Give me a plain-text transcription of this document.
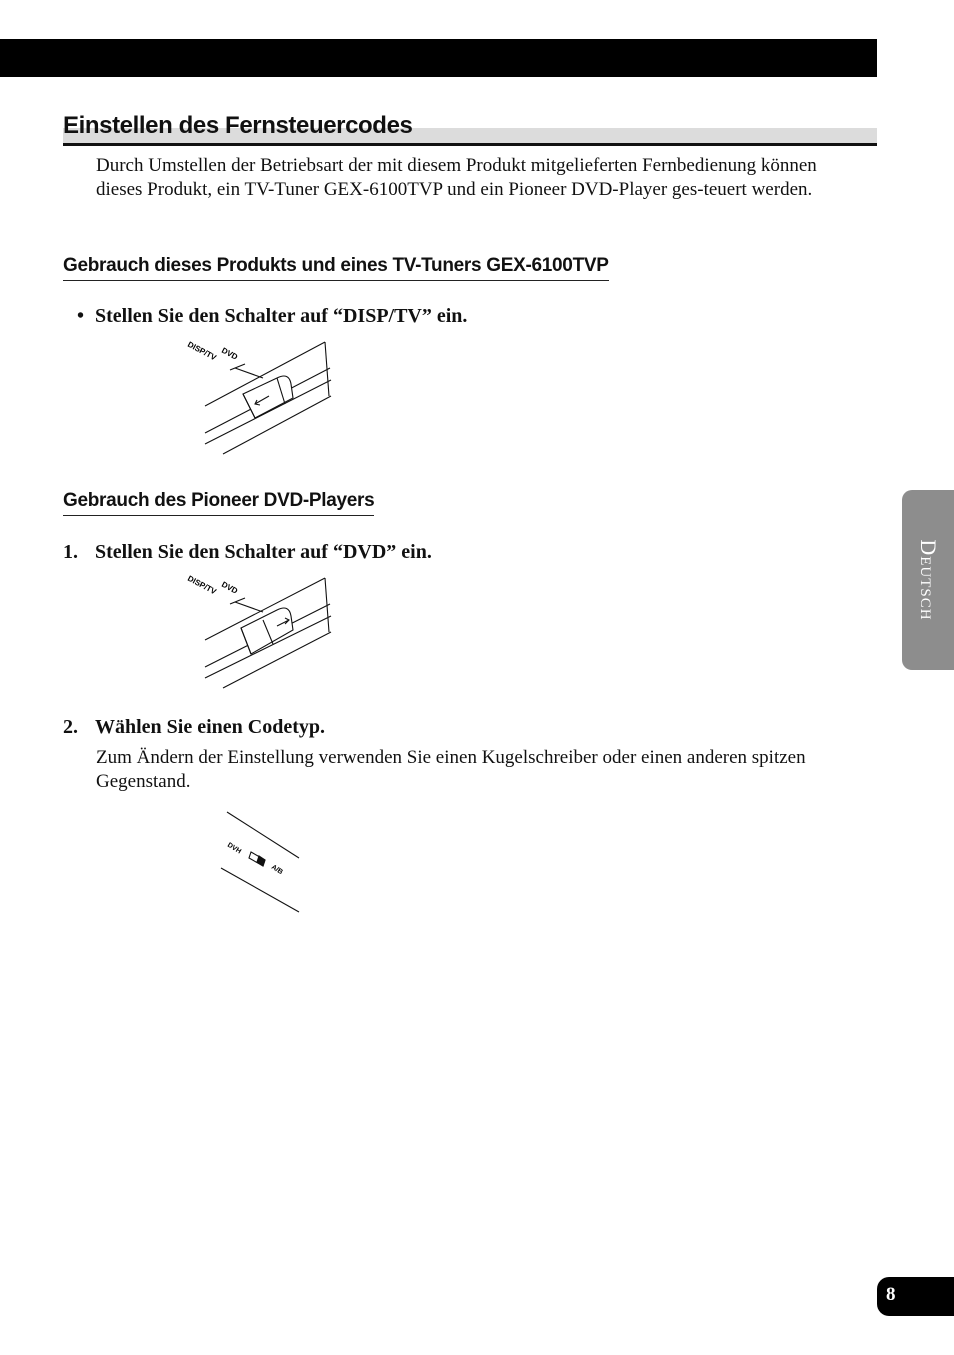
Einstellen des Fernsteuercodes

Durch Umstellen der Betriebsart der mit diesem Produkt mitgelieferten Fernbedienung können dieses Produkt, ein TV-Tuner GEX-6100TVP und ein Pioneer DVD-Player ges-teuert werden.

Gebrauch dieses Produkts und eines TV-Tuners GEX-6100TVP
• Stellen Sie den Schalter auf “DISP/TV” ein.
DVD
DISP/TV
Gebrauch des Pioneer DVD-Players
1. Stellen Sie den Schalter auf “DVD” ein.
DVD
DISP/TV
2. Wählen Sie einen Codetyp.

Zum Ändern der Einstellung verwenden Sie einen Kugelschreiber oder einen anderen spitzen Gegenstand.

DVH
A/B
Deutsch
8
